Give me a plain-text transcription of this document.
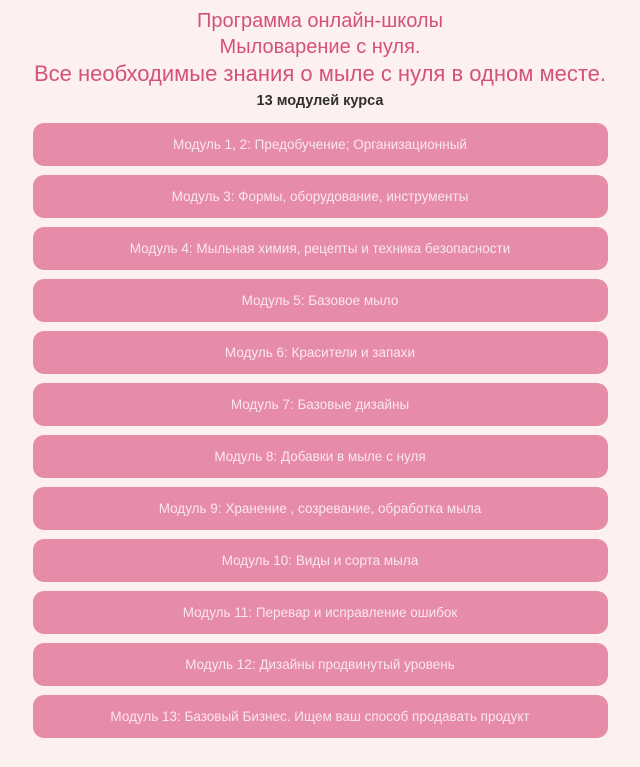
Программа онлайн-школы
Мыловарение с нуля.
Все необходимые знания о мыле с нуля в одном месте.
13 модулей курса
Модуль 1, 2: Предобучение; Организационный
Модуль 3: Формы, оборудование, инструменты
Модуль 4: Мыльная химия, рецепты и техника безопасности
Модуль 5: Базовое мыло
Модуль 6: Красители и запахи
Модуль 7: Базовые дизайны
Модуль 8: Добавки в мыле с нуля
Модуль 9: Хранение , созревание, обработка мыла
Модуль 10: Виды и сорта мыла
Модуль 11: Перевар и исправление ошибок
Модуль 12: Дизайны продвинутый уровень
Модуль 13: Базовый Бизнес. Ищем ваш способ продавать продукт
